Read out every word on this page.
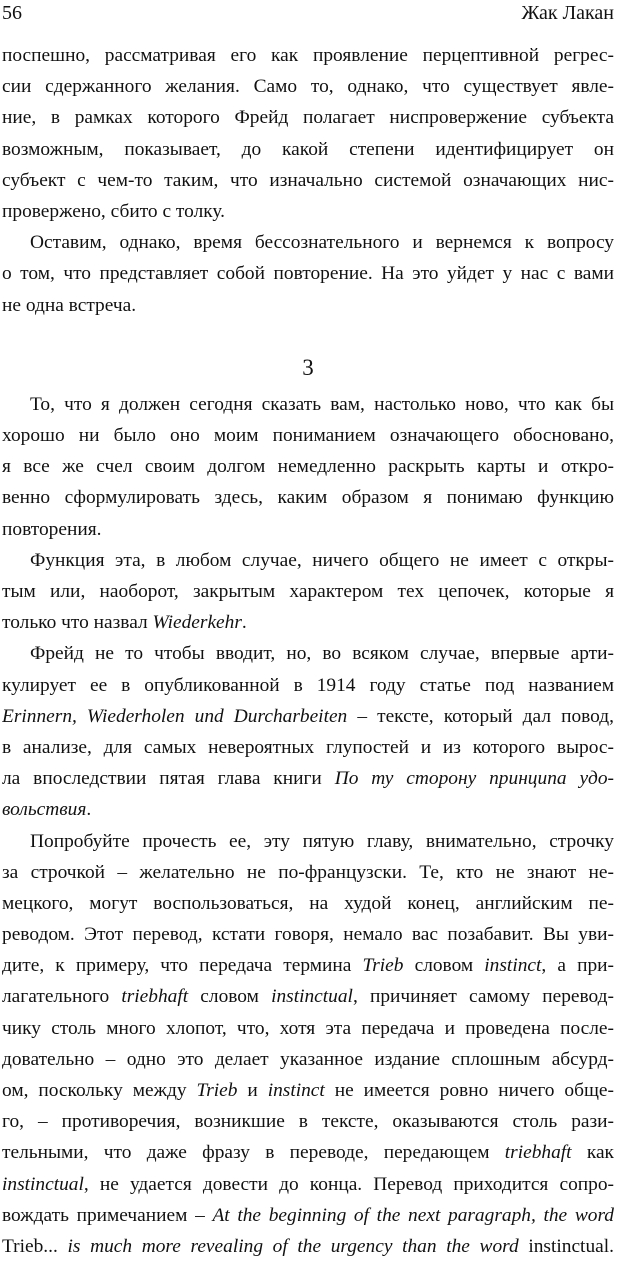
56	Жак Лакан
поспешно, рассматривая его как проявление перцептивной регрес-
сии сдержанного желания. Само то, однако, что существует явле-
ние, в рамках которого Фрейд полагает ниспровержение субъекта
возможным, показывает, до какой степени идентифицирует он
субъект с чем-то таким, что изначально системой означающих нис-
провержено, сбито с толку.
Оставим, однако, время бессознательного и вернемся к вопросу
о том, что представляет собой повторение. На это уйдет у нас с вами
не одна встреча.
3
То, что я должен сегодня сказать вам, настолько ново, что как бы
хорошо ни было оно моим пониманием означающего обосновано,
я все же счел своим долгом немедленно раскрыть карты и откро-
венно сформулировать здесь, каким образом я понимаю функцию
повторения.
Функция эта, в любом случае, ничего общего не имеет с откры-
тым или, наоборот, закрытым характером тех цепочек, которые я
только что назвал Wiederkehr.
Фрейд не то чтобы вводит, но, во всяком случае, впервые арти-
кулирует ее в опубликованной в 1914 году статье под названием
Erinnern, Wiederholen und Durcharbeiten – тексте, который дал повод,
в анализе, для самых невероятных глупостей и из которого вырос-
ла впоследствии пятая глава книги По ту сторону принципа удо-
вольствия.
Попробуйте прочесть ее, эту пятую главу, внимательно, строчку
за строчкой – желательно не по-французски. Те, кто не знают не-
мецкого, могут воспользоваться, на худой конец, английским пе-
реводом. Этот перевод, кстати говоря, немало вас позабавит. Вы уви-
дите, к примеру, что передача термина Trieb словом instinct, а при-
лагательного triebhaft словом instinctual, причиняет самому перевод-
чику столь много хлопот, что, хотя эта передача и проведена после-
довательно – одно это делает указанное издание сплошным абсурд-
ом, поскольку между Trieb и instinct не имеется ровно ничего обще-
го, – противоречия, возникшие в тексте, оказываются столь рази-
тельными, что даже фразу в переводе, передающем triebhaft как
instinctual, не удается довести до конца. Перевод приходится сопро-
вождать примечанием – At the beginning of the next paragraph, the word
Trieb... is much more revealing of the urgency than the word instinctual.
